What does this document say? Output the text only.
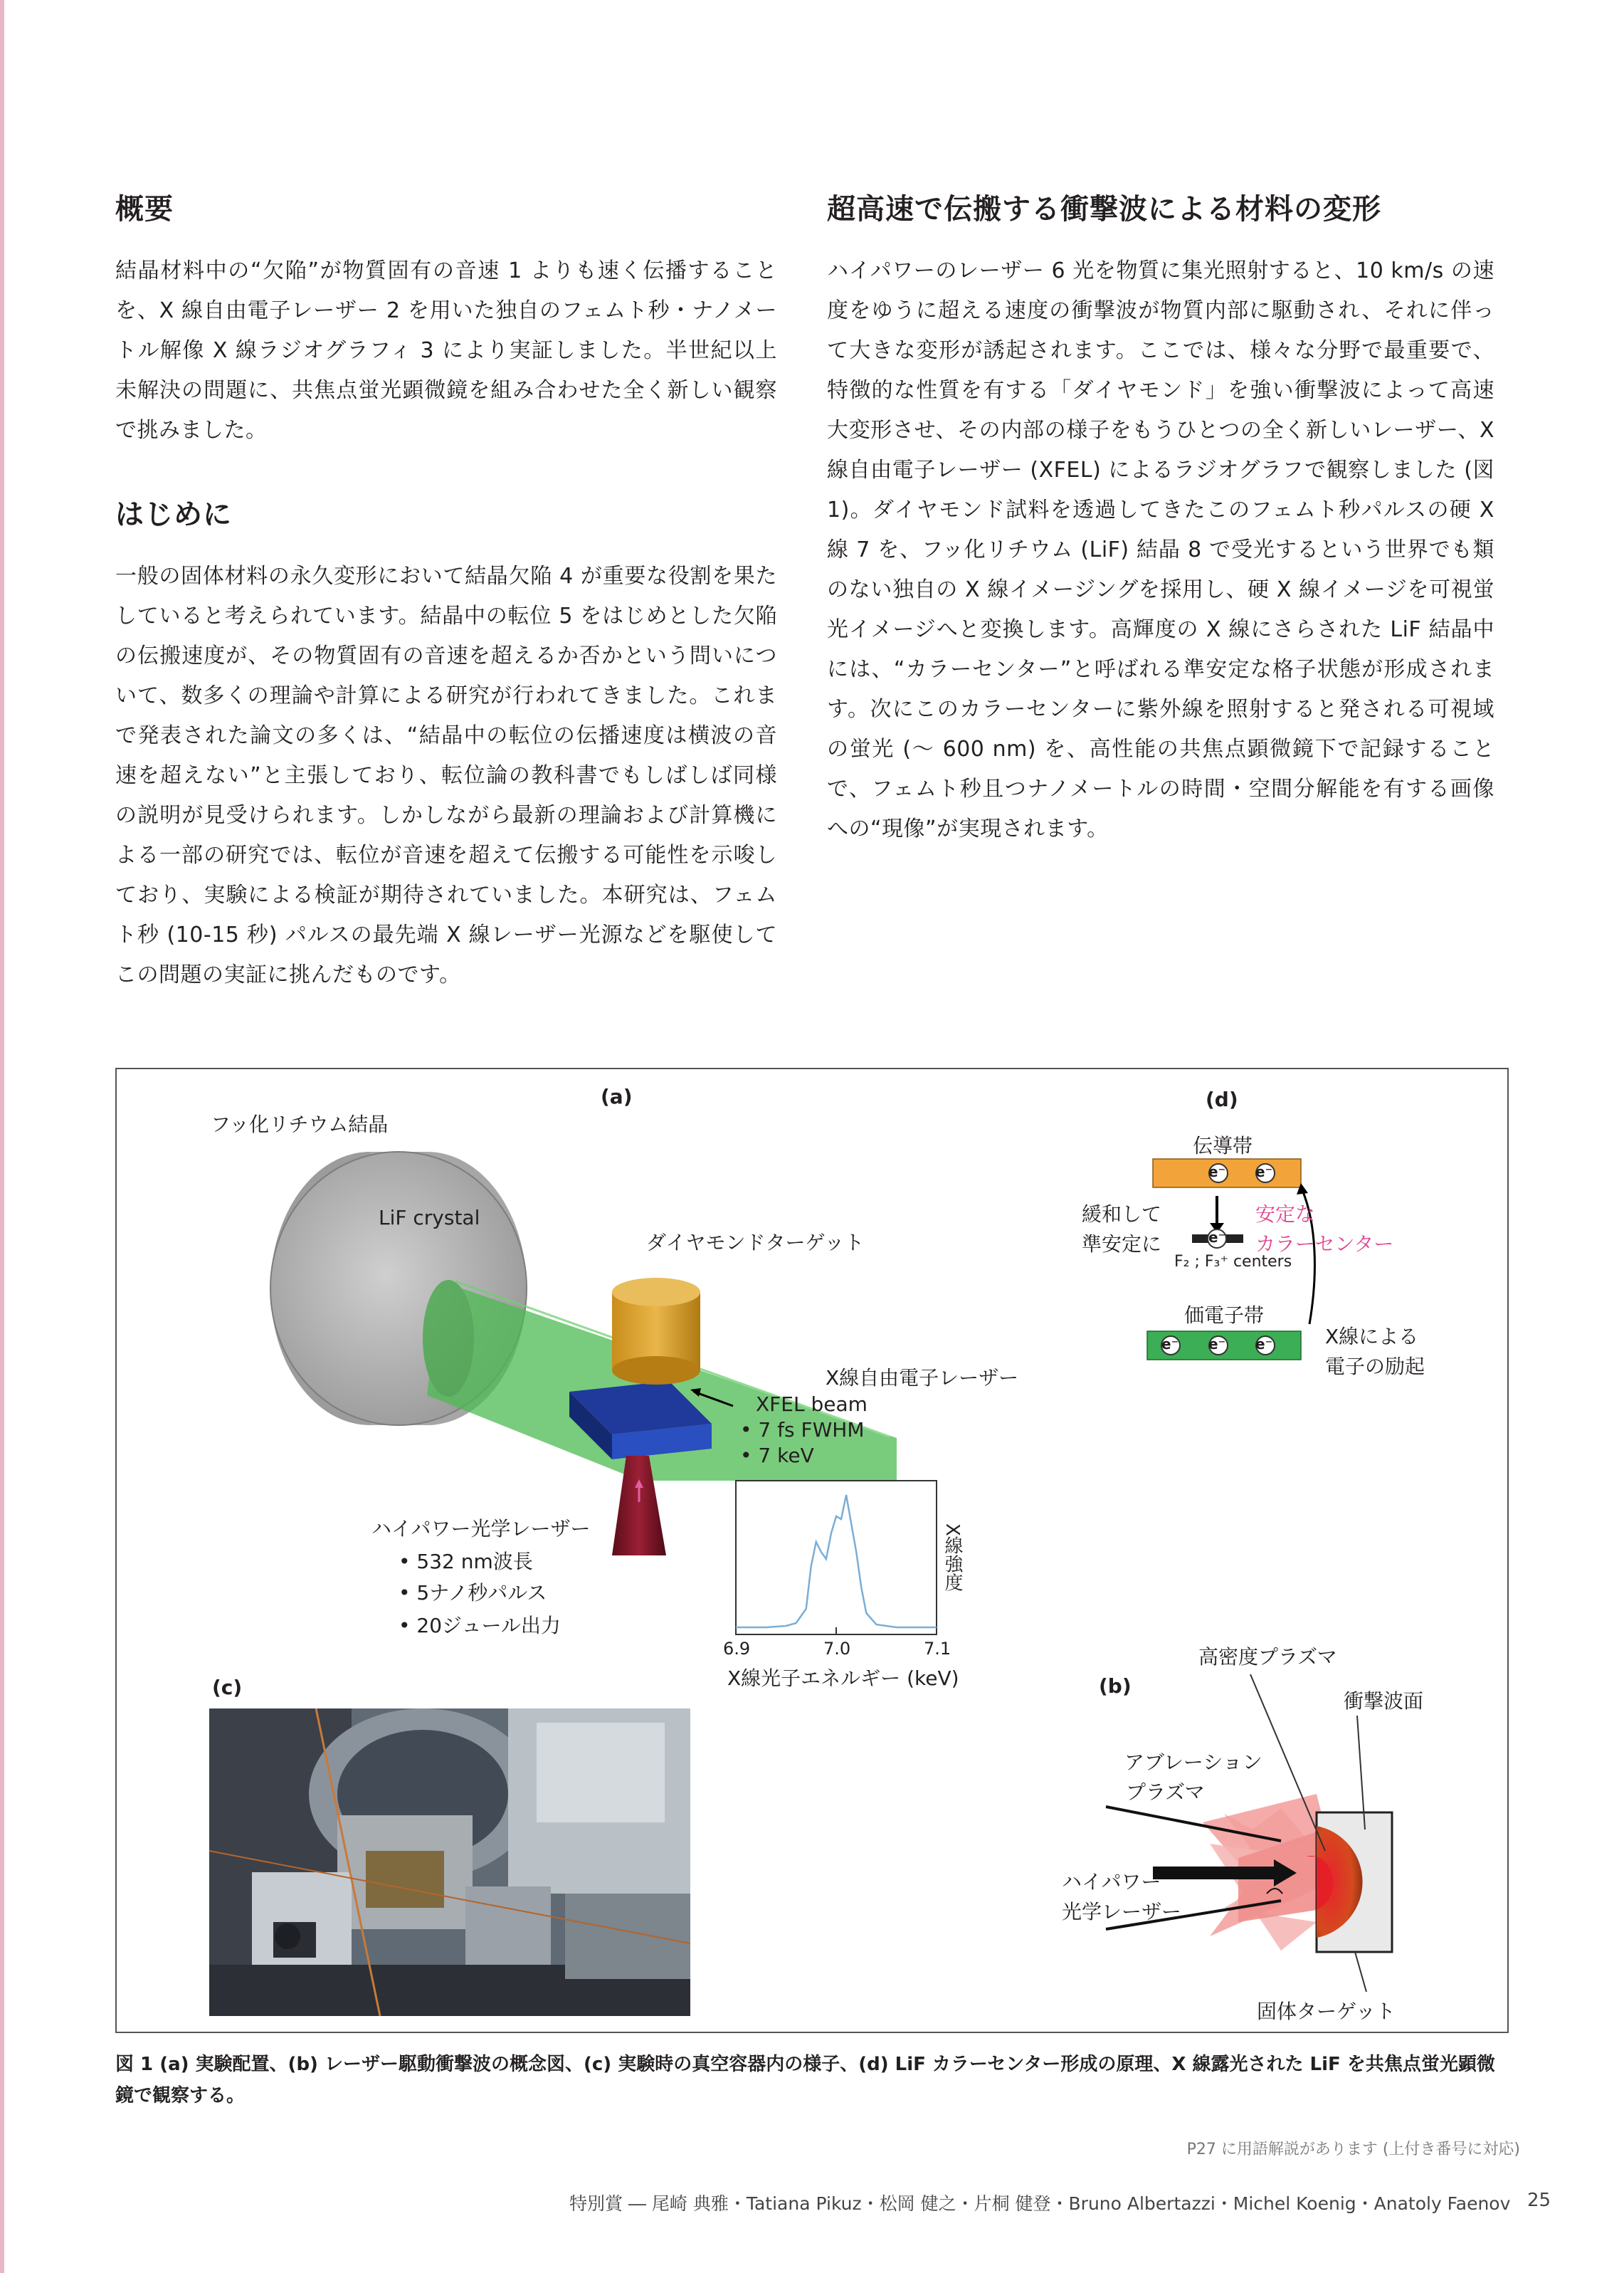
概要

結晶材料中の“欠陥”が物質固有の音速 1 よりも速く伝播することを、X 線自由電子レーザー 2 を用いた独自のフェムト秒・ナノメートル解像 X 線ラジオグラフィ 3 により実証しました。半世紀以上未解決の問題に、共焦点蛍光顕微鏡を組み合わせた全く新しい観察で挑みました。

はじめに

一般の固体材料の永久変形において結晶欠陥 4 が重要な役割を果たしていると考えられています。結晶中の転位 5 をはじめとした欠陥の伝搬速度が、その物質固有の音速を超えるか否かという問いについて、数多くの理論や計算による研究が行われてきました。これまで発表された論文の多くは、“結晶中の転位の伝播速度は横波の音速を超えない”と主張しており、転位論の教科書でもしばしば同様の説明が見受けられます。しかしながら最新の理論および計算機による一部の研究では、転位が音速を超えて伝搬する可能性を示唆しており、実験による検証が期待されていました。本研究は、フェムト秒 (10-15 秒) パルスの最先端 X 線レーザー光源などを駆使してこの問題の実証に挑んだものです。

超高速で伝搬する衝撃波による材料の変形

ハイパワーのレーザー 6 光を物質に集光照射すると、10 km/s の速度をゆうに超える速度の衝撃波が物質内部に駆動され、それに伴って大きな変形が誘起されます。ここでは、様々な分野で最重要で、特徴的な性質を有する「ダイヤモンド」を強い衝撃波によって高速大変形させ、その内部の様子をもうひとつの全く新しいレーザー、X 線自由電子レーザー (XFEL) によるラジオグラフで観察しました (図 1)。ダイヤモンド試料を透過してきたこのフェムト秒パルスの硬 X 線 7 を、フッ化リチウム (LiF) 結晶 8 で受光するという世界でも類のない独自の X 線イメージングを採用し、硬 X 線イメージを可視蛍光イメージへと変換します。高輝度の X 線にさらされた LiF 結晶中には、“カラーセンター”と呼ばれる準安定な格子状態が形成されます。次にこのカラーセンターに紫外線を照射すると発される可視域の蛍光 (〜 600 nm) を、高性能の共焦点顕微鏡下で記録することで、フェムト秒且つナノメートルの時間・空間分解能を有する画像への“現像”が実現されます。

(a)
フッ化リチウム結晶
LiF crystal
ダイヤモンドターゲット
X線自由電子レーザー
XFEL beam
• 7 fs FWHM
• 7 keV
ハイパワー光学レーザー
• 532 nm波長
• 5ナノ秒パルス
• 20ジュール出力
X線強度
6.9	7.0	7.1
X線光子エネルギー (keV)
(d)
伝導帯
e⁻ e⁻
e⁻
e⁻ e⁻ e⁻
緩和して
準安定に
安定な
カラーセンター
F₂ ; F₃⁺ centers
価電子帯
X線による
電子の励起
(c)	(b)
高密度プラズマ
衝撃波面
アブレーション
プラズマ
ハイパワー
光学レーザー
固体ターゲット
図 1 (a) 実験配置、(b) レーザー駆動衝撃波の概念図、(c) 実験時の真空容器内の様子、(d) LiF カラーセンター形成の原理、X 線露光された LiF を共焦点蛍光顕微鏡で観察する。
P27 に用語解説があります (上付き番号に対応)
特別賞 ― 尾崎 典雅・Tatiana Pikuz・松岡 健之・片桐 健登・Bruno Albertazzi・Michel Koenig・Anatoly Faenov 25
